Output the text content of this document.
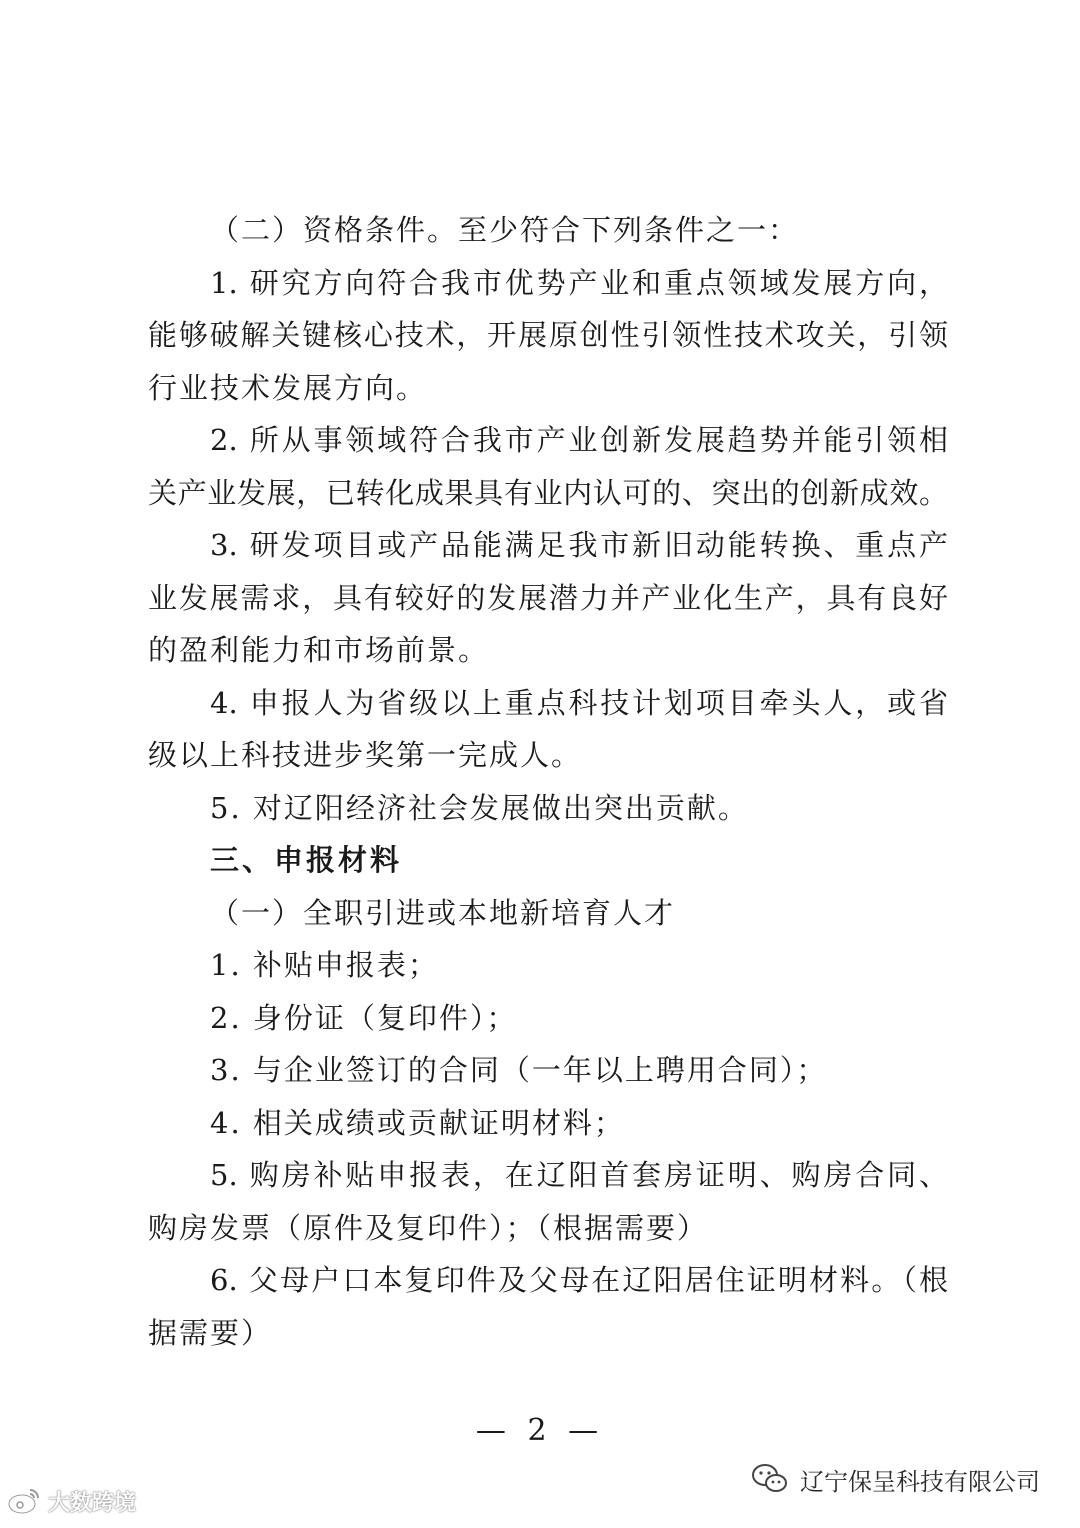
（二）资格条件。至少符合下列条件之一：
1. 研究方向符合我市优势产业和重点领域发展方向，
能够破解关键核心技术，开展原创性引领性技术攻关，引领
行业技术发展方向。
2. 所从事领域符合我市产业创新发展趋势并能引领相
关产业发展，已转化成果具有业内认可的、突出的创新成效。
3. 研发项目或产品能满足我市新旧动能转换、重点产
业发展需求，具有较好的发展潜力并产业化生产，具有良好
的盈利能力和市场前景。
4. 申报人为省级以上重点科技计划项目牵头人，或省
级以上科技进步奖第一完成人。
5. 对辽阳经济社会发展做出突出贡献。
三、申报材料
（一）全职引进或本地新培育人才
1. 补贴申报表；
2. 身份证（复印件）；
3. 与企业签订的合同（一年以上聘用合同）；
4. 相关成绩或贡献证明材料；
5. 购房补贴申报表，在辽阳首套房证明、购房合同、
购房发票（原件及复印件）；（根据需要）
6. 父母户口本复印件及父母在辽阳居住证明材料。（根
据需要）
— 2 —
大数跨境
辽宁保呈科技有限公司
